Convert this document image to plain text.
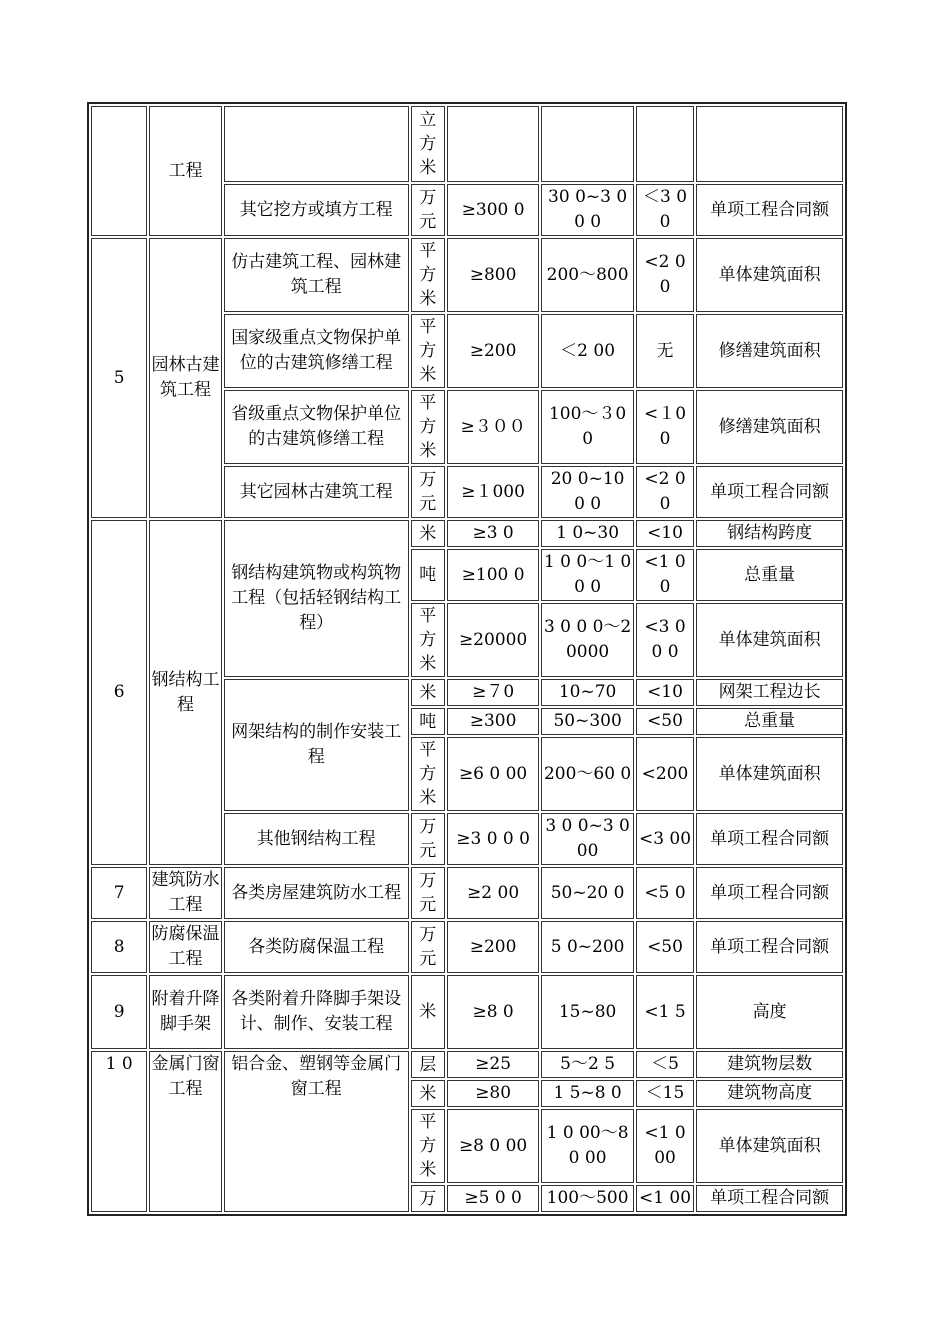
	工程		立方米				
		其它挖方或填方工程	万元	≥300 0	30 0~3 0 0 0	＜3 00	单项工程合同额
5	园林古建筑工程	仿古建筑工程、园林建筑工程	平方米	≥800	200～800	<2 0 0	单体建筑面积
		国家级重点文物保护单位的古建筑修缮工程	平方米	≥200	＜2 00	无	修缮建筑面积
		省级重点文物保护单位的古建筑修缮工程	平方米	≥３００	100～３0 0	<１0 0	修缮建筑面积
		其它园林古建筑工程	万元	≥１000	20 0~10 0 0	<2 0 0	单项工程合同额
6	钢结构工程	钢结构建筑物或构筑物工程（包括轻钢结构工程）	米	≥3 0	1 0~30	<10	钢结构跨度
			吨	≥100 0	1 0 0～1 0 0 0	<1 0 0	总重量
			平方米	≥20000	3 0 0 0～2 0000	<3 0 0 0	单体建筑面积
		网架结构的制作安装工程	米	≥７0	10~70	<10	网架工程边长
			吨	≥300	50~300	<50	总重量
			平方米	≥6 0 00	200～60 0	<200	单体建筑面积
		其他钢结构工程	万元	≥3 0 0 0	3 0 0~3 0 00	<3 00	单项工程合同额
7	建筑防水工程	各类房屋建筑防水工程	万元	≥2 00	50~20 0	<5 0	单项工程合同额
8	防腐保温工程	各类防腐保温工程	万元	≥200	5 0~200	<50	单项工程合同额
9	附着升降脚手架	各类附着升降脚手架设计、制作、安装工程	米	≥8 0	15~80	<1 5	高度
1 0	金属门窗工程	铝合金、塑钢等金属门窗工程	层	≥25	5～2 5	＜5	建筑物层数
			米	≥80	1 5~8 0	＜15	建筑物高度
			平方米	≥8 0 00	1 0 00～8 0 00	<1 0 00	单体建筑面积
			万	≥5 0 0	100～500	<1 00	单项工程合同额
